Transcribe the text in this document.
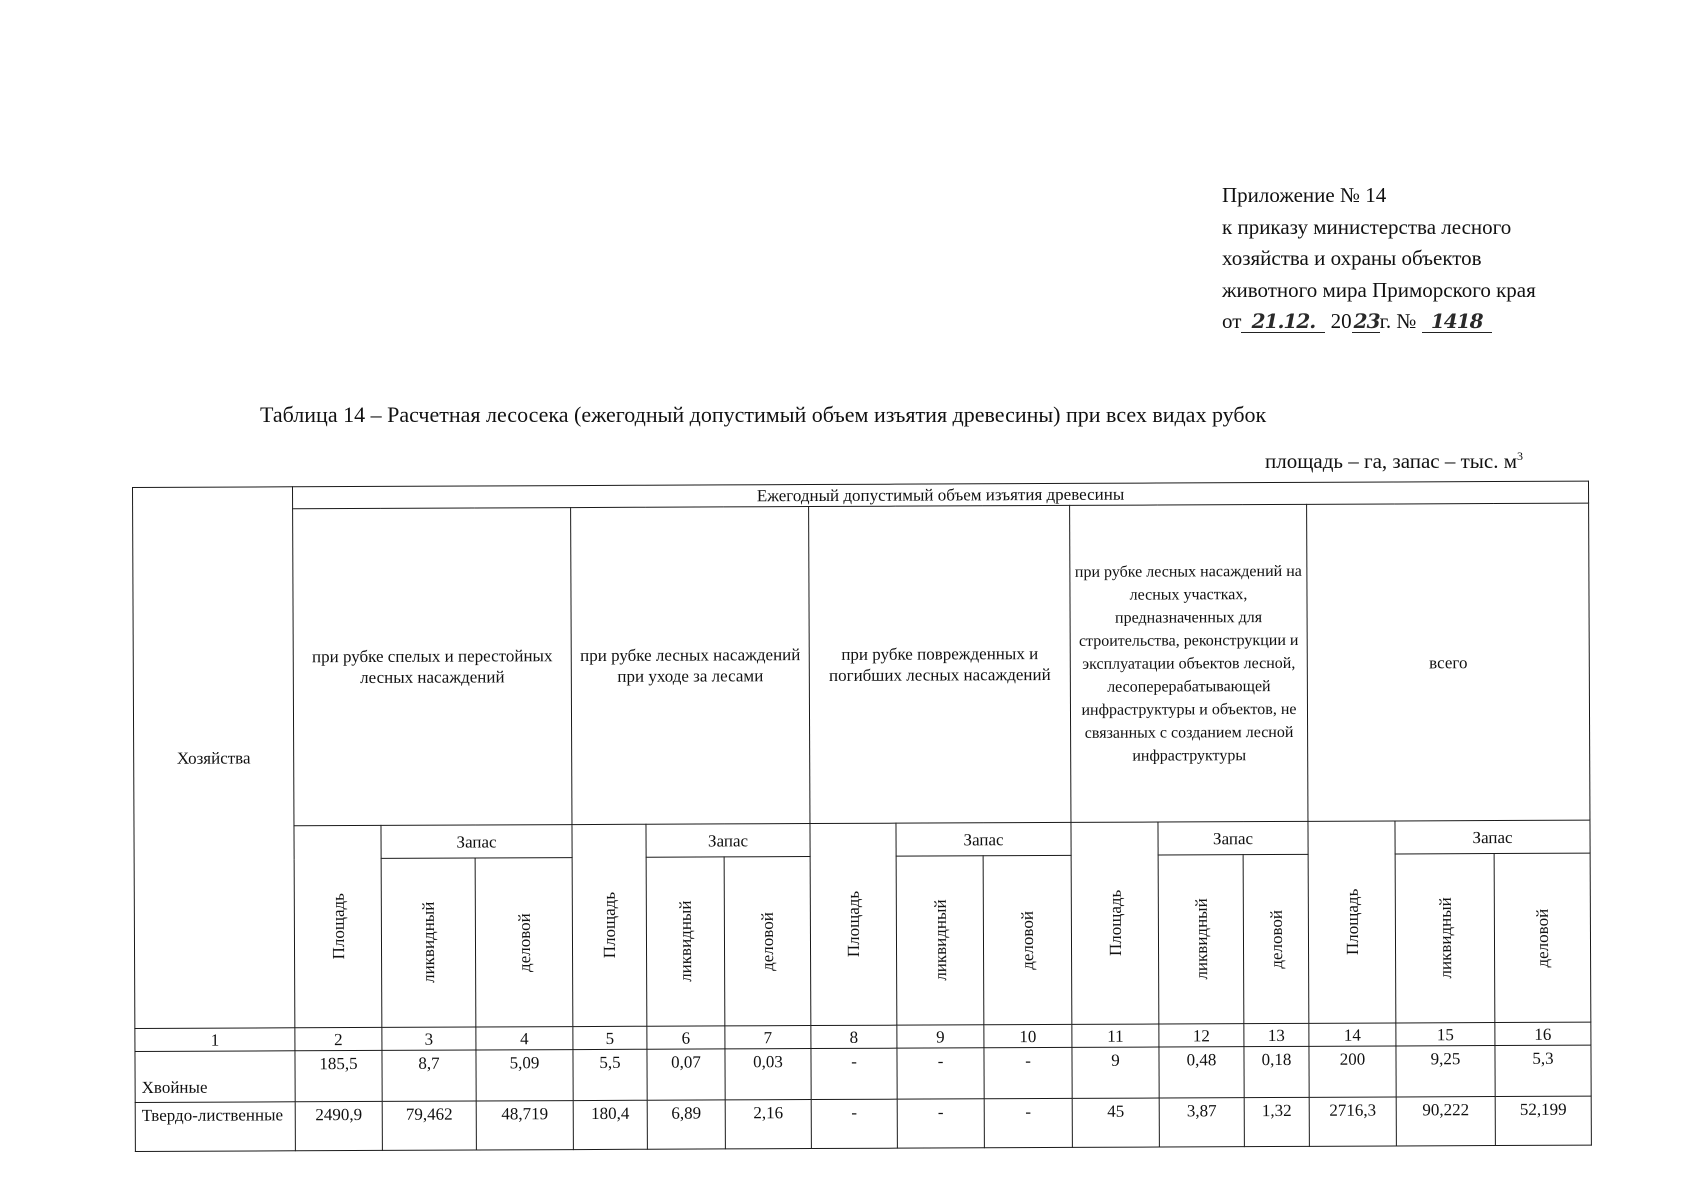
Приложение № 14
к приказу министерства лесного
хозяйства и охраны объектов
животного мира Приморского края
от 21.12. 20 23г. № 1418
Таблица 14 – Расчетная лесосека (ежегодный допустимый объем изъятия древесины) при всех видах рубок
площадь – га, запас – тыс. $м^3$
Хозяйства	Ежегодный допустимый объем изъятия древесины														

	при рубке спелых и перестойных лесных насаждений			при рубке лесных насаждений при уходе за лесами			при рубке поврежденных и погибших лесных насаждений			при рубке лесных насаждений на лесных участках, предназначенных для строительства, реконструкции и эксплуатации объектов лесной, лесоперерабатывающей инфраструктуры и объектов, не связанных с созданием лесной инфраструктуры			всего		

	Площадь	Запас		Площадь	Запас		Площадь	Запас		Площадь	Запас		Площадь	Запас	

		ликвидный	деловой		ликвидный	деловой		ликвидный	деловой		ликвидный	деловой		ликвидный	деловой

1	2	3	4	5	6	7	8	9	10	11	12	13	14	15	16
Хвойные	185,5	8,7	5,09	5,5	0,07	0,03	-	-	-	9	0,48	0,18	200	9,25	5,3
Твердо-лиственные	2490,9	79,462	48,719	180,4	6,89	2,16	-	-	-	45	3,87	1,32	2716,3	90,222	52,199
